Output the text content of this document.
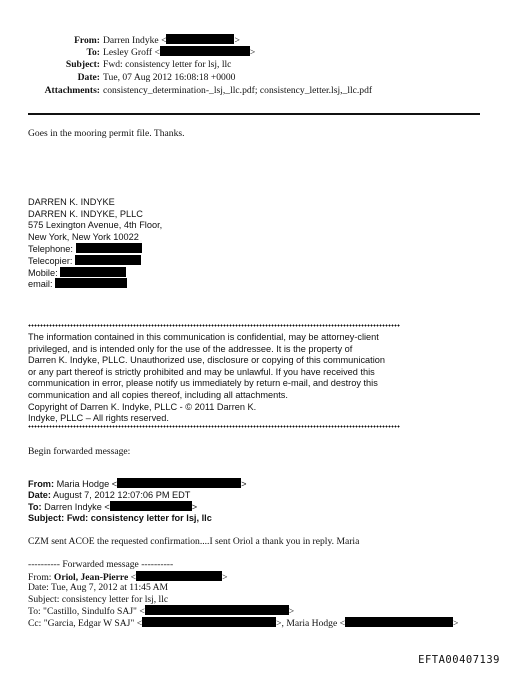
From: Darren Indyke <	>
To: Lesley Groff <	>
Subject: Fwd: consistency letter for lsj, llc
Date: Tue, 07 Aug 2012 16:08:18 +0000
Attachments: consistency_determination-_lsj,_llc.pdf; consistency_letter.lsj,_llc.pdf
Goes in the mooring permit file. Thanks.
DARREN K. INDYKE
DARREN K. INDYKE, PLLC
575 Lexington Avenue, 4th Floor,
New York, New York 10022
Telephone:
Telecopier:
Mobile:
email:
The information contained in this communication is confidential, may be attorney-client
privileged, and is intended only for the use of the addressee. It is the property of
Darren K. Indyke, PLLC. Unauthorized use, disclosure or copying of this communication
or any part thereof is strictly prohibited and may be unlawful. If you have received this
communication in error, please notify us immediately by return e-mail, and destroy this
communication and all copies thereof, including all attachments.
Copyright of Darren K. Indyke, PLLC - © 2011 Darren K.
Indyke, PLLC – All rights reserved.
Begin forwarded message:
From: Maria Hodge <	>
Date: August 7, 2012 12:07:06 PM EDT
To: Darren Indyke <	>
Subject: Fwd: consistency letter for lsj, llc
CZM sent ACOE the requested confirmation....I sent Oriol a thank you in reply. Maria
---------- Forwarded message ----------
From: Oriol, Jean-Pierre <	>
Date: Tue, Aug 7, 2012 at 11:45 AM
Subject: consistency letter for lsj, llc
To: "Castillo, Sindulfo SAJ" <	>
Cc: "Garcia, Edgar W SAJ" <	>, Maria Hodge <	>
EFTA00407139
